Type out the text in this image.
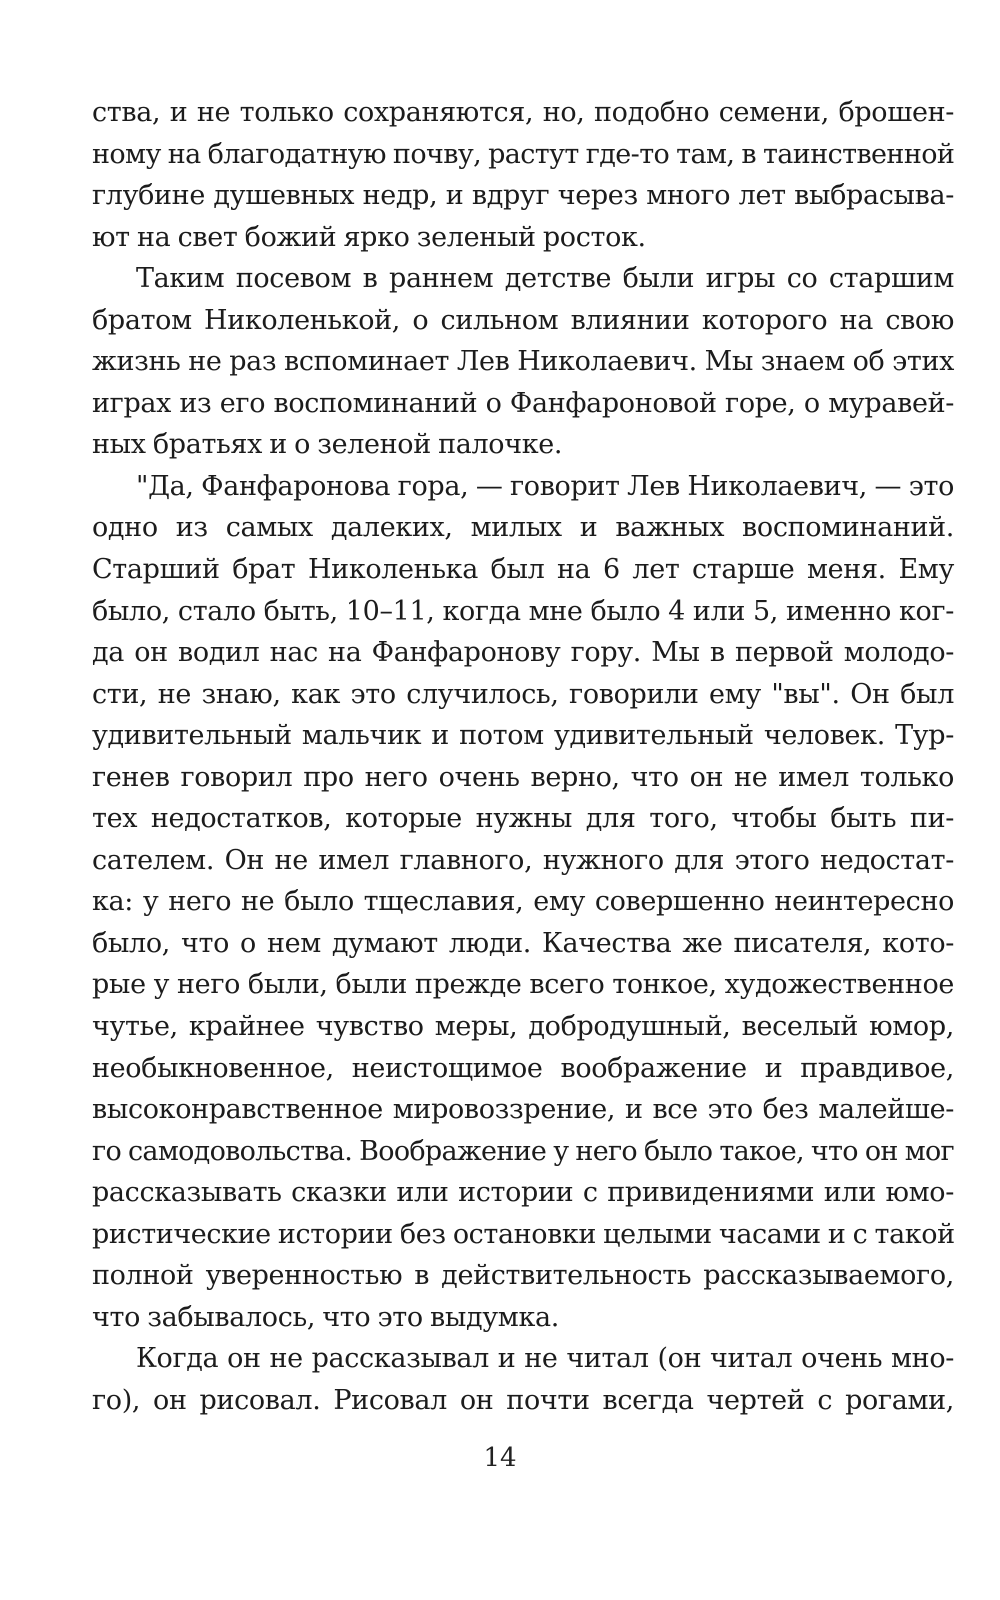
ства, и не только сохраняются, но, подобно семени, брошен-
ному на благодатную почву, растут где-то там, в таинственной
глубине душевных недр, и вдруг через много лет выбрасыва-
ют на свет божий ярко зеленый росток.
Таким посевом в раннем детстве были игры со старшим
братом Николенькой, о сильном влиянии которого на свою
жизнь не раз вспоминает Лев Николаевич. Мы знаем об этих
играх из его воспоминаний о Фанфароновой горе, о муравей-
ных братьях и о зеленой палочке.
"Да, Фанфаронова гора, — говорит Лев Николаевич, — это
одно из самых далеких, милых и важных воспоминаний.
Старший брат Николенька был на 6 лет старше меня. Ему
было, стало быть, 10–11, когда мне было 4 или 5, именно ког-
да он водил нас на Фанфаронову гору. Мы в первой молодо-
сти, не знаю, как это случилось, говорили ему "вы". Он был
удивительный мальчик и потом удивительный человек. Тур-
генев говорил про него очень верно, что он не имел только
тех недостатков, которые нужны для того, чтобы быть пи-
сателем. Он не имел главного, нужного для этого недостат-
ка: у него не было тщеславия, ему совершенно неинтересно
было, что о нем думают люди. Качества же писателя, кото-
рые у него были, были прежде всего тонкое, художественное
чутье, крайнее чувство меры, добродушный, веселый юмор,
необыкновенное, неистощимое воображение и правдивое,
высоконравственное мировоззрение, и все это без малейше-
го самодовольства. Воображение у него было такое, что он мог
рассказывать сказки или истории с привидениями или юмо-
ристические истории без остановки целыми часами и с такой
полной уверенностью в действительность рассказываемого,
что забывалось, что это выдумка.
Когда он не рассказывал и не читал (он читал очень мно-
го), он рисовал. Рисовал он почти всегда чертей с рогами,
14
